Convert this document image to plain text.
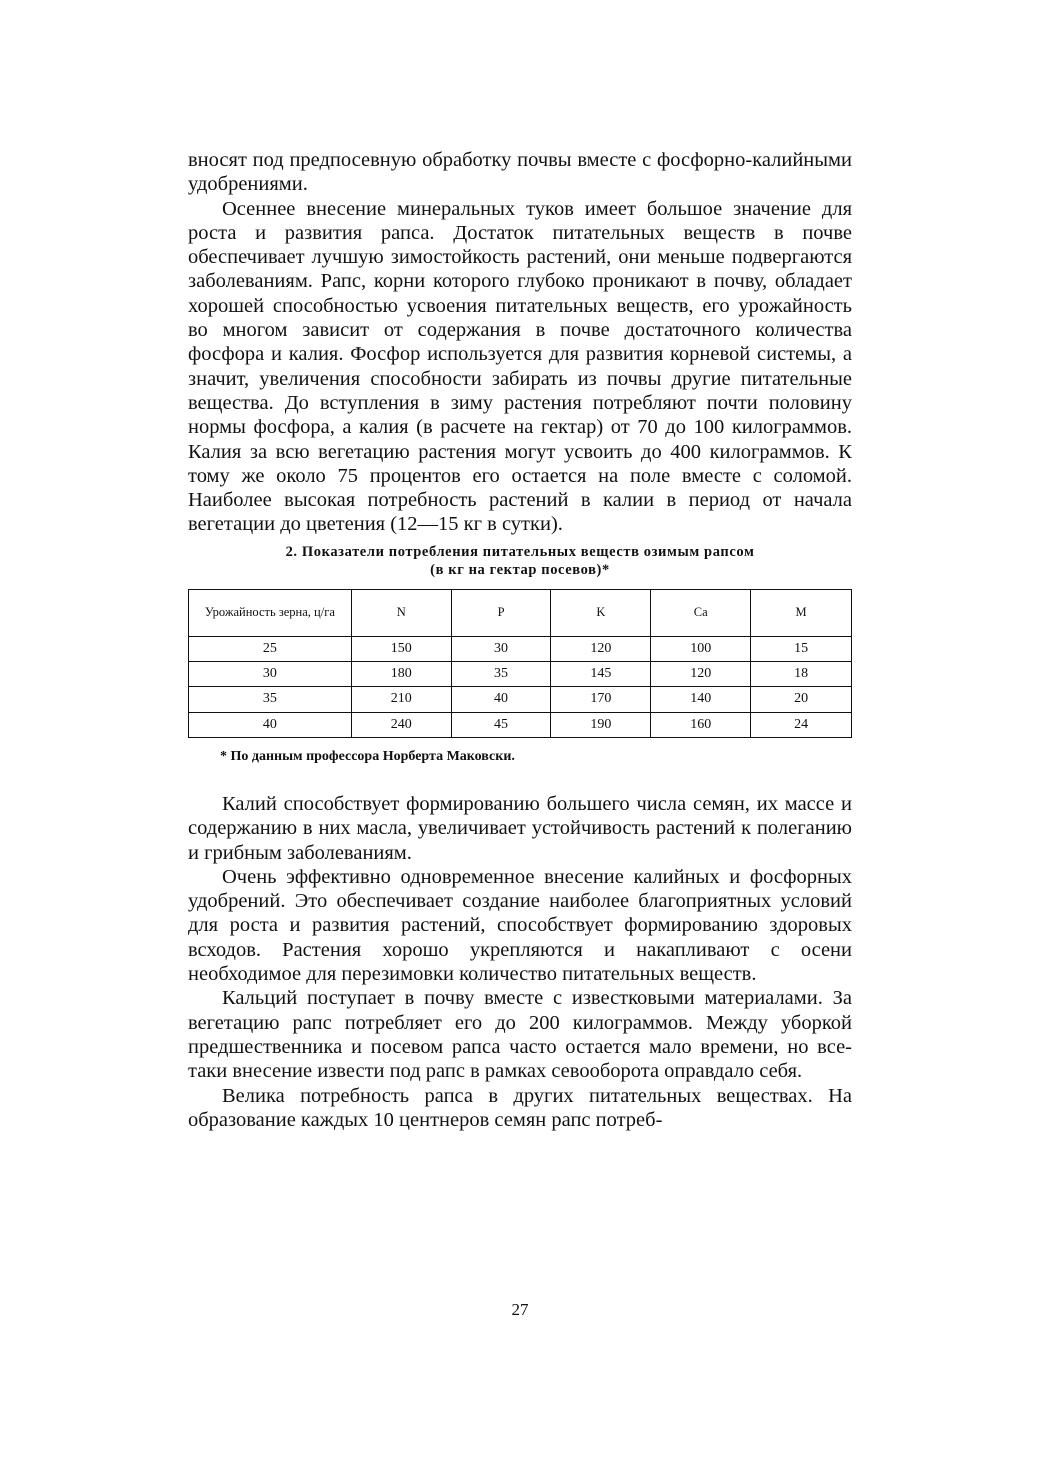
вносят под предпосевную обработку почвы вместе с фосфорно-калийными удобрениями.

Осеннее внесение минеральных туков имеет большое значение для роста и развития рапса. Достаток питательных веществ в почве обеспечивает лучшую зимостойкость растений, они меньше подвергаются заболеваниям. Рапс, корни которого глубоко проникают в почву, обладает хорошей способностью усвоения питательных веществ, его урожайность во многом зависит от содержания в почве достаточного количества фосфора и калия. Фосфор используется для развития корневой системы, а значит, увеличения способности забирать из почвы другие питательные вещества. До вступления в зиму растения потребляют почти половину нормы фосфора, а калия (в расчете на гектар) от 70 до 100 килограммов. Калия за всю вегетацию растения могут усвоить до 400 килограммов. К тому же около 75 процентов его остается на поле вместе с соломой. Наиболее высокая потребность растений в калии в период от начала вегетации до цветения (12—15 кг в сутки).

2. Показатели потребления питательных веществ озимым рапсом
(в кг на гектар посевов)*
Урожайность зерна, ц/га	N	P	K	Ca	M
25	150	30	120	100	15
30	180	35	145	120	18
35	210	40	170	140	20
40	240	45	190	160	24
* По данным профессора Норберта Маковски.

Калий способствует формированию большего числа семян, их массе и содержанию в них масла, увеличивает устойчивость растений к полеганию и грибным заболеваниям.

Очень эффективно одновременное внесение калийных и фосфорных удобрений. Это обеспечивает создание наиболее благоприятных условий для роста и развития растений, способствует формированию здоровых всходов. Растения хорошо укрепляются и накапливают с осени необходимое для перезимовки количество питательных веществ.

Кальций поступает в почву вместе с известковыми материалами. За вегетацию рапс потребляет его до 200 килограммов. Между уборкой предшественника и посевом рапса часто остается мало времени, но все-таки внесение извести под рапс в рамках севооборота оправдало себя.

Велика потребность рапса в других питательных веществах. На образование каждых 10 центнеров семян рапс потреб-

27
